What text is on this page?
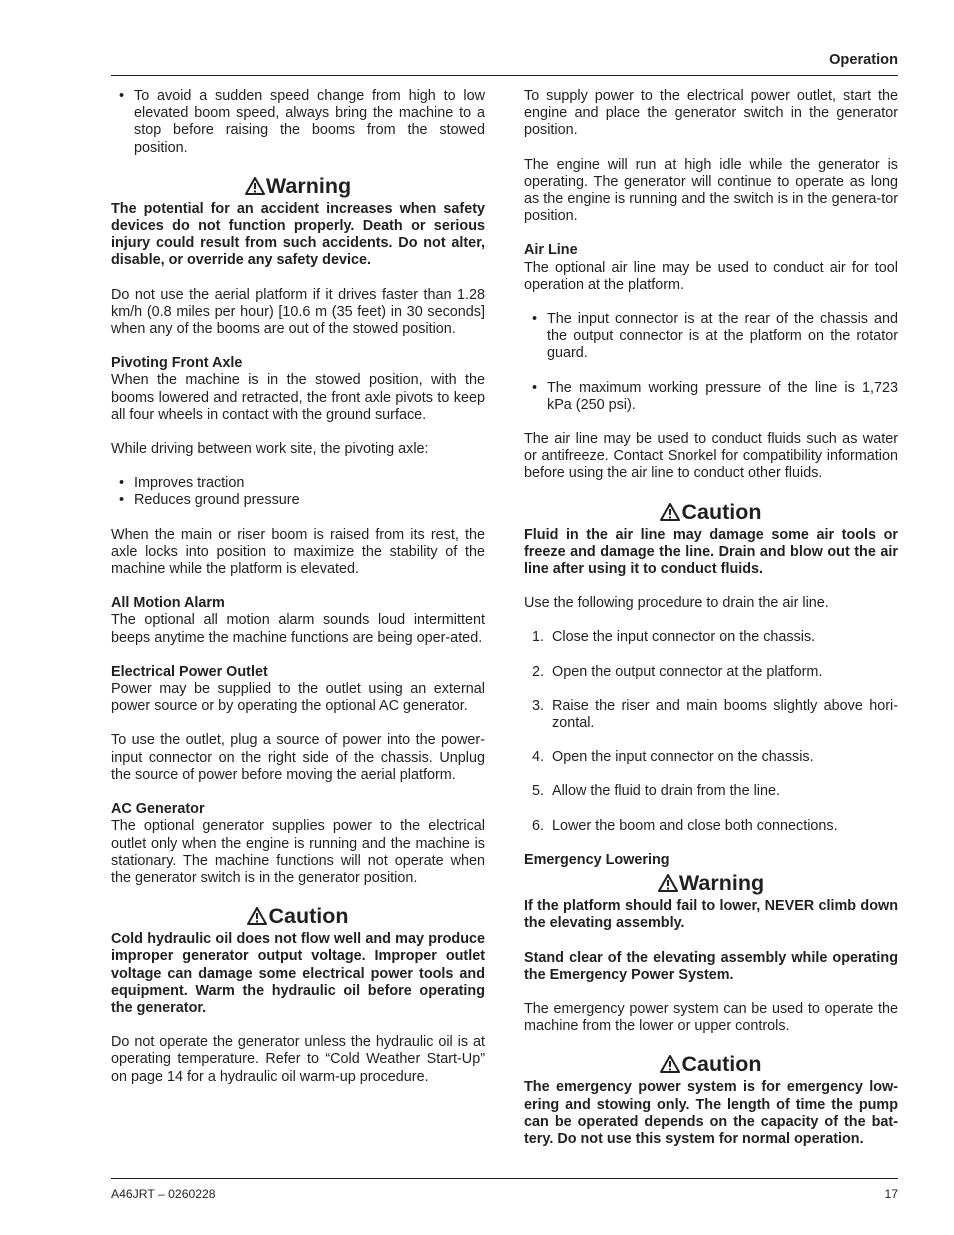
Operation
• To avoid a sudden speed change from high to low elevated boom speed, always bring the machine to a stop before raising the booms from the stowed position.
Warning

The potential for an accident increases when safety devices do not function properly. Death or serious injury could result from such accidents. Do not alter, disable, or override any safety device.

Do not use the aerial platform if it drives faster than 1.28 km/h (0.8 miles per hour) [10.6 m (35 feet) in 30 seconds] when any of the booms are out of the stowed position.

Pivoting Front Axle

When the machine is in the stowed position, with the booms lowered and retracted, the front axle pivots to keep all four wheels in contact with the ground surface.

While driving between work site, the pivoting axle:

• Improves traction
• Reduces ground pressure

When the main or riser boom is raised from its rest, the axle locks into position to maximize the stability of the machine while the platform is elevated.

All Motion Alarm

The optional all motion alarm sounds loud intermittent beeps anytime the machine functions are being oper-ated.

Electrical Power Outlet

Power may be supplied to the outlet using an external power source or by operating the optional AC generator.

To use the outlet, plug a source of power into the power-input connector on the right side of the chassis. Unplug the source of power before moving the aerial platform.

AC Generator

The optional generator supplies power to the electrical outlet only when the engine is running and the machine is stationary. The machine functions will not operate when the generator switch is in the generator position.

Caution

Cold hydraulic oil does not flow well and may produce improper generator output voltage. Improper outlet voltage can damage some electrical power tools and equipment. Warm the hydraulic oil before operating the generator.

Do not operate the generator unless the hydraulic oil is at operating temperature. Refer to “Cold Weather Start-Up” on page 14 for a hydraulic oil warm-up procedure.

To supply power to the electrical power outlet, start the engine and place the generator switch in the generator position.

The engine will run at high idle while the generator is operating. The generator will continue to operate as long as the engine is running and the switch is in the genera-tor position.

Air Line

The optional air line may be used to conduct air for tool operation at the platform.

• The input connector is at the rear of the chassis and the output connector is at the platform on the rotator guard.
• The maximum working pressure of the line is 1,723 kPa (250 psi).

The air line may be used to conduct fluids such as water or antifreeze. Contact Snorkel for compatibility information before using the air line to conduct other fluids.

Caution

Fluid in the air line may damage some air tools or freeze and damage the line. Drain and blow out the air line after using it to conduct fluids.

Use the following procedure to drain the air line.

1. Close the input connector on the chassis.
2. Open the output connector at the platform.
3. Raise the riser and main booms slightly above hori-zontal.
4. Open the input connector on the chassis.
5. Allow the fluid to drain from the line.
6. Lower the boom and close both connections.
Emergency Lowering
Warning

If the platform should fail to lower, NEVER climb down the elevating assembly.

Stand clear of the elevating assembly while operating the Emergency Power System.

The emergency power system can be used to operate the machine from the lower or upper controls.

Caution

The emergency power system is for emergency low-ering and stowing only. The length of time the pump can be operated depends on the capacity of the bat-tery. Do not use this system for normal operation.

A46JRT – 0260228	17
